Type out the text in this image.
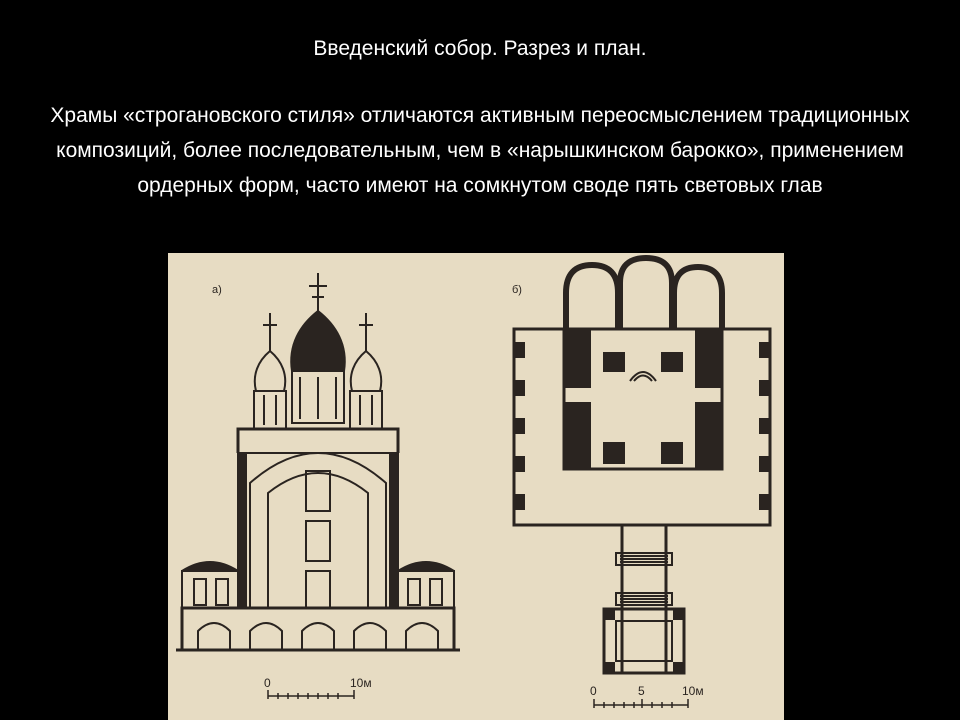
Введенский собор. Разрез и план.
Храмы «строгановского стиля» отличаются активным переосмыслением традиционных композиций, более последовательным, чем в «нарышкинском барокко», применением ордерных форм, часто имеют на сомкнутом своде пять световых глав
а)
0	10м
б)
0	5	10м
